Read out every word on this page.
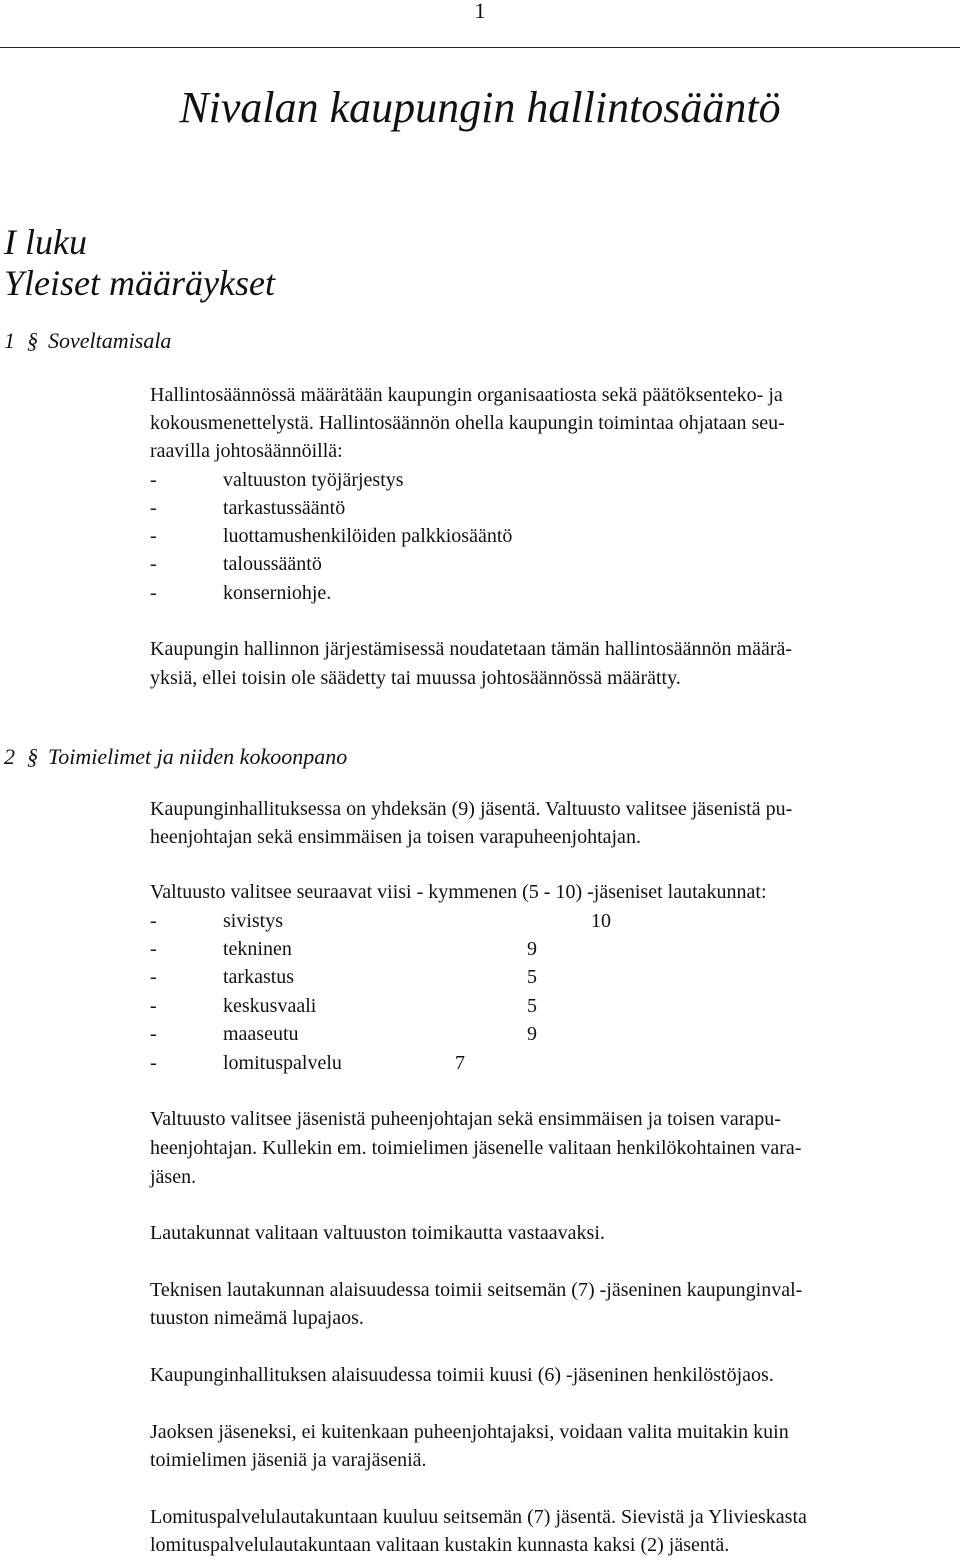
1
Nivalan kaupungin hallintosääntö
I luku
Yleiset määräykset
1 § Soveltamisala
Hallintosäännössä määrätään kaupungin organisaatiosta sekä päätöksenteko- ja
kokousmenettelystä. Hallintosäännön ohella kaupungin toimintaa ohjataan seu-
raavilla johtosäännöillä:
-	valtuuston työjärjestys
-	tarkastussääntö
-	luottamushenkilöiden palkkiosääntö
-	taloussääntö
-	konserniohje.
Kaupungin hallinnon järjestämisessä noudatetaan tämän hallintosäännön määrä-
yksiä, ellei toisin ole säädetty tai muussa johtosäännössä määrätty.
2 § Toimielimet ja niiden kokoonpano
Kaupunginhallituksessa on yhdeksän (9) jäsentä. Valtuusto valitsee jäsenistä pu-
heenjohtajan sekä ensimmäisen ja toisen varapuheenjohtajan.
Valtuusto valitsee seuraavat viisi - kymmenen (5 - 10) -jäseniset lautakunnat:
-	sivistys	10
-	tekninen	9
-	tarkastus	5
-	keskusvaali	5
-	maaseutu	9
-	lomituspalvelu	7
Valtuusto valitsee jäsenistä puheenjohtajan sekä ensimmäisen ja toisen varapu-
heenjohtajan. Kullekin em. toimielimen jäsenelle valitaan henkilökohtainen vara-
jäsen.
Lautakunnat valitaan valtuuston toimikautta vastaavaksi.
Teknisen lautakunnan alaisuudessa toimii seitsemän (7) -jäseninen kaupunginval-
tuuston nimeämä lupajaos.
Kaupunginhallituksen alaisuudessa toimii kuusi (6) -jäseninen henkilöstöjaos.
Jaoksen jäseneksi, ei kuitenkaan puheenjohtajaksi, voidaan valita muitakin kuin
toimielimen jäseniä ja varajäseniä.
Lomituspalvelulautakuntaan kuuluu seitsemän (7) jäsentä. Sievistä ja Ylivieskasta
lomituspalvelulautakuntaan valitaan kustakin kunnasta kaksi (2) jäsentä.
